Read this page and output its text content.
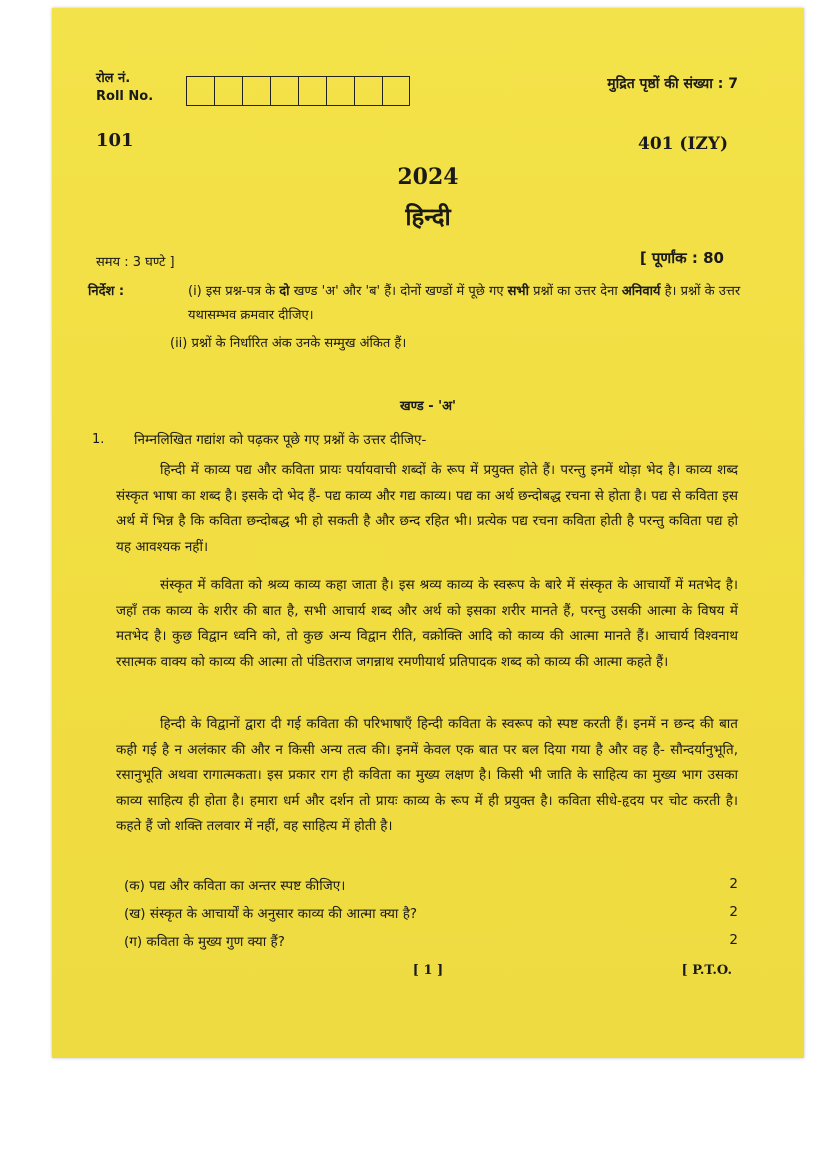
रोल नं.
Roll No.
मुद्रित पृष्ठों की संख्या : 7
101	401 (IZY)
2024
हिन्दी
समय : 3 घण्टे ]	[ पूर्णांक : 80
निर्देश :	(i) इस प्रश्न-पत्र के दो खण्ड 'अ' और 'ब' हैं। दोनों खण्डों में पूछे गए सभी प्रश्नों का उत्तर देना अनिवार्य है। प्रश्नों के उत्तर यथासम्भव क्रमवार दीजिए।
(ii) प्रश्नों के निर्धारित अंक उनके सम्मुख अंकित हैं।
खण्ड - 'अ'
1. निम्नलिखित गद्यांश को पढ़कर पूछे गए प्रश्नों के उत्तर दीजिए-

हिन्दी में काव्य पद्य और कविता प्रायः पर्यायवाची शब्दों के रूप में प्रयुक्त होते हैं। परन्तु इनमें थोड़ा भेद है। काव्य शब्द संस्कृत भाषा का शब्द है। इसके दो भेद हैं- पद्य काव्य और गद्य काव्य। पद्य का अर्थ छन्दोबद्ध रचना से होता है। पद्य से कविता इस अर्थ में भिन्न है कि कविता छन्दोबद्ध भी हो सकती है और छन्द रहित भी। प्रत्येक पद्य रचना कविता होती है परन्तु कविता पद्य हो यह आवश्यक नहीं।

संस्कृत में कविता को श्रव्य काव्य कहा जाता है। इस श्रव्य काव्य के स्वरूप के बारे में संस्कृत के आचार्यों में मतभेद है। जहाँ तक काव्य के शरीर की बात है, सभी आचार्य शब्द और अर्थ को इसका शरीर मानते हैं, परन्तु उसकी आत्मा के विषय में मतभेद है। कुछ विद्वान ध्वनि को, तो कुछ अन्य विद्वान रीति, वक्रोक्ति आदि को काव्य की आत्मा मानते हैं। आचार्य विश्वनाथ रसात्मक वाक्य को काव्य की आत्मा तो पंडितराज जगन्नाथ रमणीयार्थ प्रतिपादक शब्द को काव्य की आत्मा कहते हैं।

हिन्दी के विद्वानों द्वारा दी गई कविता की परिभाषाएँ हिन्दी कविता के स्वरूप को स्पष्ट करती हैं। इनमें न छन्द की बात कही गई है न अलंकार की और न किसी अन्य तत्व की। इनमें केवल एक बात पर बल दिया गया है और वह है- सौन्दर्यानुभूति, रसानुभूति अथवा रागात्मकता। इस प्रकार राग ही कविता का मुख्य लक्षण है। किसी भी जाति के साहित्य का मुख्य भाग उसका काव्य साहित्य ही होता है। हमारा धर्म और दर्शन तो प्रायः काव्य के रूप में ही प्रयुक्त है। कविता सीधे-हृदय पर चोट करती है। कहते हैं जो शक्ति तलवार में नहीं, वह साहित्य में होती है।

(क) पद्य और कविता का अन्तर स्पष्ट कीजिए।	2
(ख) संस्कृत के आचार्यों के अनुसार काव्य की आत्मा क्या है?	2
(ग) कविता के मुख्य गुण क्या हैं?	2
[ 1 ]	[ P.T.O.
